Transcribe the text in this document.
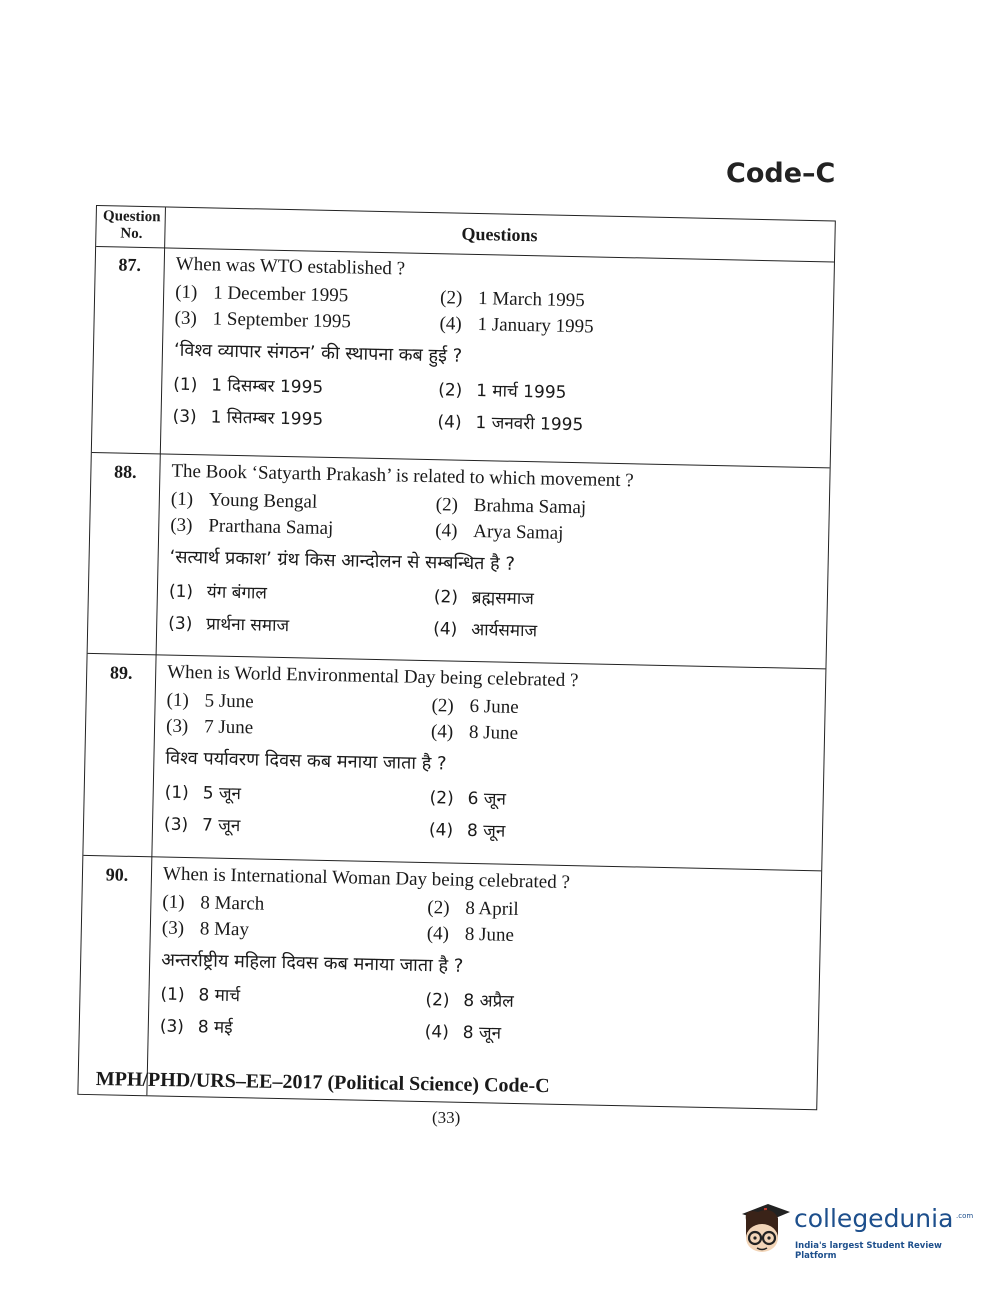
Code–C
Question
No.	Questions
87.	When was WTO established ?
(1) 1 December 1995	(2) 1 March 1995
(3) 1 September 1995	(4) 1 January 1995
‘विश्व व्यापार संगठन’ की स्थापना कब हुई ?
(1) 1 दिसम्बर 1995	(2) 1 मार्च 1995
(3) 1 सितम्बर 1995	(4) 1 जनवरी 1995
88.	The Book ‘Satyarth Prakash’ is related to which movement ?
(1) Young Bengal	(2) Brahma Samaj
(3) Prarthana Samaj	(4) Arya Samaj
‘सत्यार्थ प्रकाश’ ग्रंथ किस आन्दोलन से सम्बन्धित है ?
(1) यंग बंगाल	(2) ब्रह्मसमाज
(3) प्रार्थना समाज	(4) आर्यसमाज
89.	When is World Environmental Day being celebrated ?
(1) 5 June	(2) 6 June
(3) 7 June	(4) 8 June
विश्व पर्यावरण दिवस कब मनाया जाता है ?
(1) 5 जून	(2) 6 जून
(3) 7 जून	(4) 8 जून
90.	When is International Woman Day being celebrated ?
(1) 8 March	(2) 8 April
(3) 8 May	(4) 8 June
अन्तर्राष्ट्रीय महिला दिवस कब मनाया जाता है ?
(1) 8 मार्च	(2) 8 अप्रैल
(3) 8 मई	(4) 8 जून
MPH/PHD/URS–EE–2017 (Political Science) Code-C
(33)
collegedunia .com
India's largest Student Review Platform
